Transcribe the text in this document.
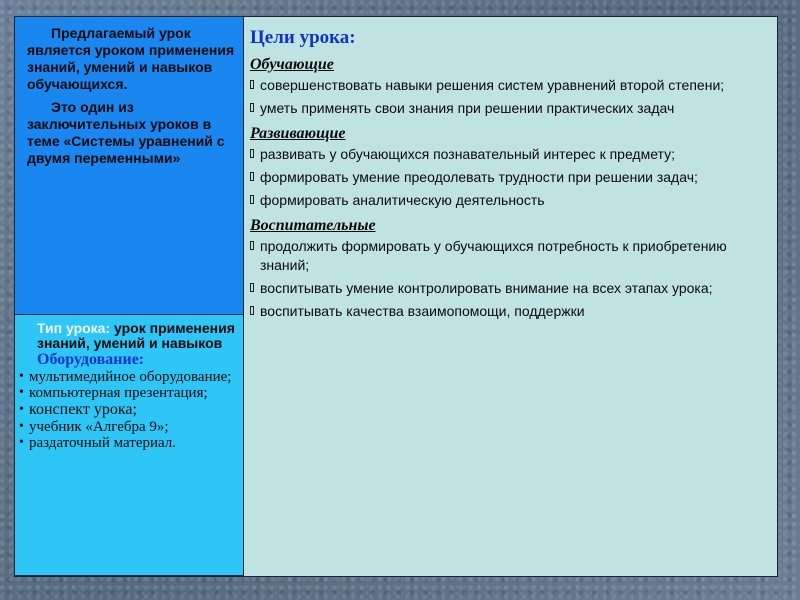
Предлагаемый урок является уроком применения знаний, умений и навыков обучающихся.

Это один из заключительных уроков в теме «Системы уравнений с двумя переменными»

Тип урока: урок применения знаний, умений и навыков

Оборудование:

• мультимедийное оборудование;
• компьютерная презентация;
• конспект урока;
• учебник «Алгебра 9»;
• раздаточный материал.

Цели урока:

Обучающие

совершенствовать навыки решения систем уравнений второй степени;
уметь применять свои знания при решении практических задач

Развивающие

развивать у обучающихся познавательный интерес к предмету;
формировать умение преодолевать трудности при решении задач;
формировать аналитическую деятельность

Воспитательные

продолжить формировать у обучающихся потребность к приобретению знаний;
воспитывать умение контролировать внимание на всех этапах урока;
воспитывать качества взаимопомощи, поддержки
